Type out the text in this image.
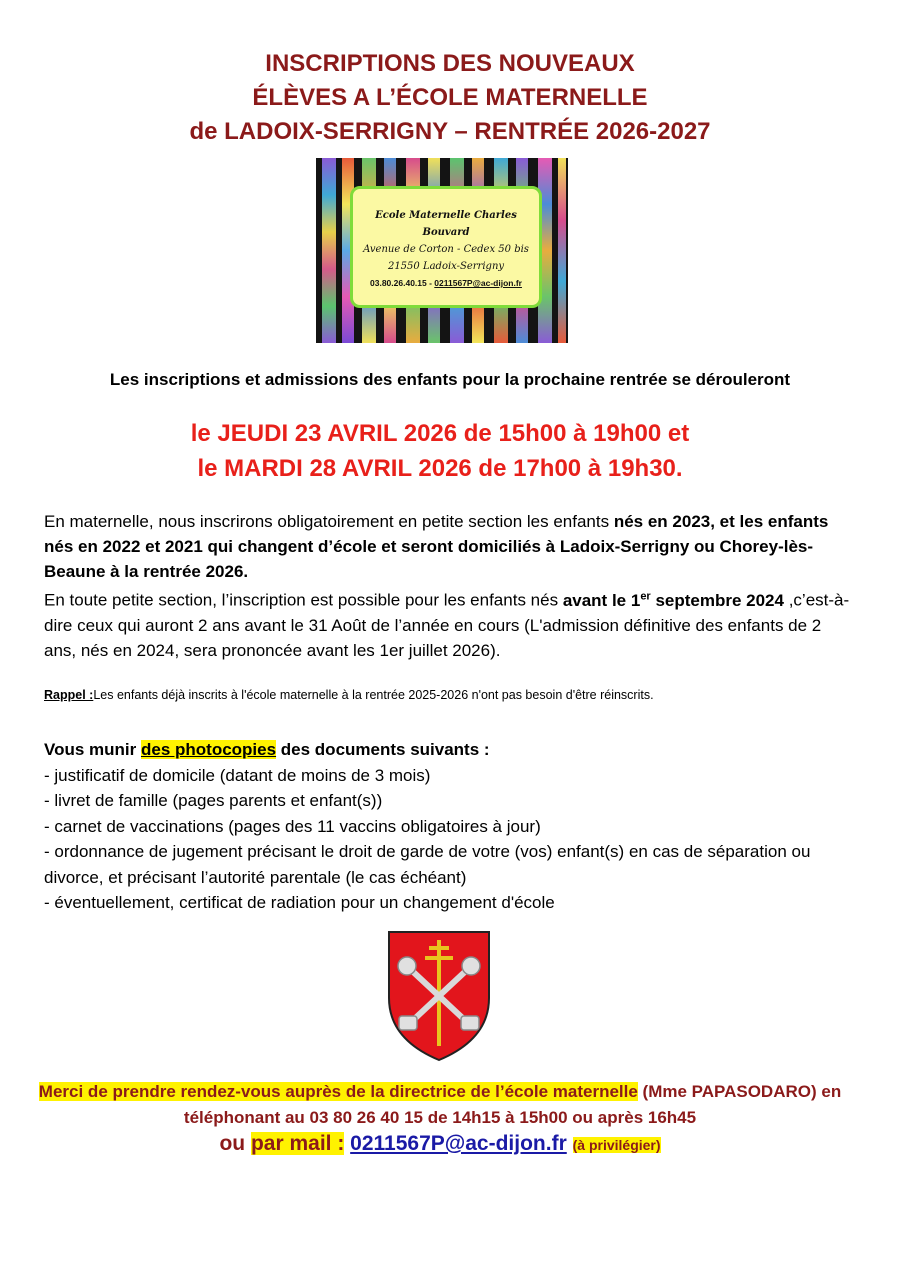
INSCRIPTIONS DES NOUVEAUX
ÉLÈVES A L’ÉCOLE MATERNELLE
de LADOIX-SERRIGNY – RENTRÉE 2026-2027
Ecole Maternelle Charles Bouvard
Avenue de Corton - Cedex 50 bis
21550 Ladoix-Serrigny
03.80.26.40.15 - 0211567P@ac-dijon.fr
Les inscriptions et admissions des enfants pour la prochaine rentrée se dérouleront
le JEUDI 23 AVRIL 2026 de 15h00 à 19h00 et
le MARDI 28 AVRIL 2026 de 17h00 à 19h30.
En maternelle, nous inscrirons obligatoirement en petite section les enfants nés en 2023, et les enfants nés en 2022 et 2021 qui changent d’école et seront domiciliés à Ladoix-Serrigny ou Chorey-lès-Beaune à la rentrée 2026.
En toute petite section, l’inscription est possible pour les enfants nés avant le 1er septembre 2024 ,c’est-à-dire ceux qui auront 2 ans avant le 31 Août de l’année en cours (L'admission définitive des enfants de 2 ans, nés en 2024, sera prononcée avant les 1er juillet 2026).
Rappel :Les enfants déjà inscrits à l'école maternelle à la rentrée 2025-2026 n'ont pas besoin d'être réinscrits.
Vous munir des photocopies des documents suivants :
- justificatif de domicile (datant de moins de 3 mois)
- livret de famille (pages parents et enfant(s))
- carnet de vaccinations (pages des 11 vaccins obligatoires à jour)
- ordonnance de jugement précisant le droit de garde de votre (vos) enfant(s) en cas de séparation ou divorce, et précisant l’autorité parentale (le cas échéant)
- éventuellement, certificat de radiation pour un changement d'école
Merci de prendre rendez-vous auprès de la directrice de l’école maternelle (Mme PAPASODARO) en téléphonant au 03 80 26 40 15 de 14h15 à 15h00 ou après 16h45
ou par mail : 0211567P@ac-dijon.fr (à privilégier)
